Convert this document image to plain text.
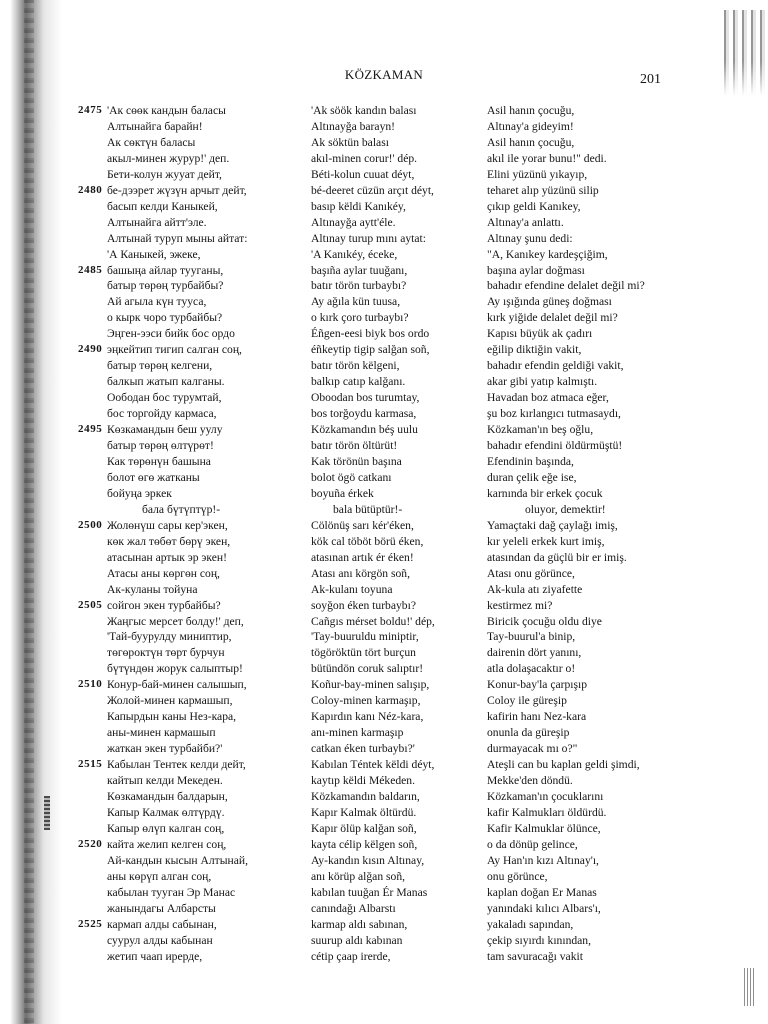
KÖZKAMAN	201
2475 'Ак сөөк кандын баласы
Алтынайга барайн!
Ак сөктүн баласы
акыл-минен журур!' деп.
Бети-колун жууат дейт,
2480 бе-дээрет жүзүн арчыт дейт,
басып келди Каныкей,
Алтынайга айтт'эле.
Алтынай туруп мыны айтат:
'А Каныкей, эжеке,
2485 башыңа айлар тууганы,
батыр төрөң турбайбы?
Ай агыла күн тууса,
о кырк чоро турбайбы?
Эңген-ээси бийк бос ордо
2490 эңкейтип тигип салган соң,
батыр төрөң келгени,
балкып жатып калганы.
Оободан бос турумтай,
бос торгойду кармаса,
2495 Көзкамандын беш уулу
батыр төрөң өлтүрөт!
Как төрөнүн башына
болот өгө жатканы
бойуңа эркек
бала бүтүптүр!-
2500 Жолөнүш сары кер'экен,
көк жал төбөт бөрү экен,
атасынан артык эр экен!
Атасы аны көргөн соң,
Ак-куланы тойуна
2505 сойгон экен турбайбы?
Жаңгыс мерсет болду!' деп,
'Тай-буурулду миниптир,
төгөроктүн төрт бурчун
бүтүндөн жорук салыптыр!
2510 Конур-бай-минен салышып,
Жолой-минен кармашып,
Капырдын каны Нез-кара,
аны-минен кармашып
жаткан экен турбайби?'
2515 Кабылан Тентек келди дейт,
кайтып келди Мекеден.
Көзкамандын балдарын,
Капыр Калмак өлтүрдү.
Капыр өлүп калган соң,
2520 кайта желип келген соң,
Ай-кандын кысын Алтынай,
аны көрүп алган соң,
кабылан тууган Эр Манас
жанындагы Албарсты
2525 кармап алды сабынан,
суурул алды кабынан
жетип чаап ирерде,
'Ak söök kandın balası
Altınayğa barayn!
Ak söktün balası
akıl-minen corur!' dép.
Béti-kolun cuuat déyt,
bé-deeret cüzün arçıt déyt,
basıp këldi Kanıkéy,
Altınayğa aytt'éle.
Altınay turup mını aytat:
'A Kanıkéy, éceke,
başıña aylar tuuğanı,
batır törön turbaybı?
Ay ağıla kün tuusa,
o kırk çoro turbaybı?
Éñgen-eesi biyk bos ordo
éñkeytip tigip salğan soñ,
batır törön këlgeni,
balkıp catıp kalğanı.
Oboodan bos turumtay,
bos torğoydu karmasa,
Közkamandın béş uulu
batır törön öltürüt!
Kak törönün başına
bolot ögö catkanı
boyuña érkek
bala bütüptür!-
Cölönüş sarı kér'éken,
kök cal töböt börü éken,
atasınan artık ér éken!
Atası anı körgön soñ,
Ak-kulanı toyuna
soyğon éken turbaybı?
Cañgıs mérset boldu!' dép,
'Tay-buuruldu miniptir,
tögöröktün tört burçun
bütündön coruk salıptır!
Koñur-bay-minen salışıp,
Coloy-minen karmaşıp,
Kapırdın kanı Néz-kara,
anı-minen karmaşıp
catkan éken turbaybı?'
Kabılan Téntek këldi déyt,
kaytıp këldi Mékeden.
Közkamandın baldarın,
Kapır Kalmak öltürdü.
Kapır ölüp kalğan soñ,
kayta célip këlgen soñ,
Ay-kandın kısın Altınay,
anı körüp alğan soñ,
kabılan tuuğan Ér Manas
canındağı Albarstı
karmap aldı sabınan,
suurup aldı kabınan
cétip çaap irerde,
Asil hanın çocuğu,
Altınay'a gideyim!
Asil hanın çocuğu,
akıl ile yorar bunu!" dedi.
Elini yüzünü yıkayıp,
teharet alıp yüzünü silip
çıkıp geldi Kanıkey,
Altınay'a anlattı.
Altınay şunu dedi:
"A, Kanıkey kardeşçiğim,
başına aylar doğması
bahadır efendine delalet değil mi?
Ay ışığında güneş doğması
kırk yiğide delalet değil mi?
Kapısı büyük ak çadırı
eğilip diktiğin vakit,
bahadır efendin geldiği vakit,
akar gibi yatıp kalmıştı.
Havadan boz atmaca eğer,
şu boz kırlangıcı tutmasaydı,
Közkaman'ın beş oğlu,
bahadır efendini öldürmüştü!
Efendinin başında,
duran çelik eğe ise,
karnında bir erkek çocuk
oluyor, demektir!
Yamaçtaki dağ çaylağı imiş,
kır yeleli erkek kurt imiş,
atasından da güçlü bir er imiş.
Atası onu görünce,
Ak-kula atı ziyafette
kestirmez mi?
Biricik çocuğu oldu diye
Tay-buurul'a binip,
dairenin dört yanını,
atla dolaşacaktır o!
Konur-bay'la çarpışıp
Coloy ile güreşip
kafirin hanı Nez-kara
onunla da güreşip
durmayacak mı o?"
Ateşli can bu kaplan geldi şimdi,
Mekke'den döndü.
Közkaman'ın çocuklarını
kafir Kalmukları öldürdü.
Kafir Kalmuklar ölünce,
o da dönüp gelince,
Ay Han'ın kızı Altınay'ı,
onu görünce,
kaplan doğan Er Manas
yanındaki kılıcı Albars'ı,
yakaladı sapından,
çekip sıyırdı kınından,
tam savuracağı vakit
